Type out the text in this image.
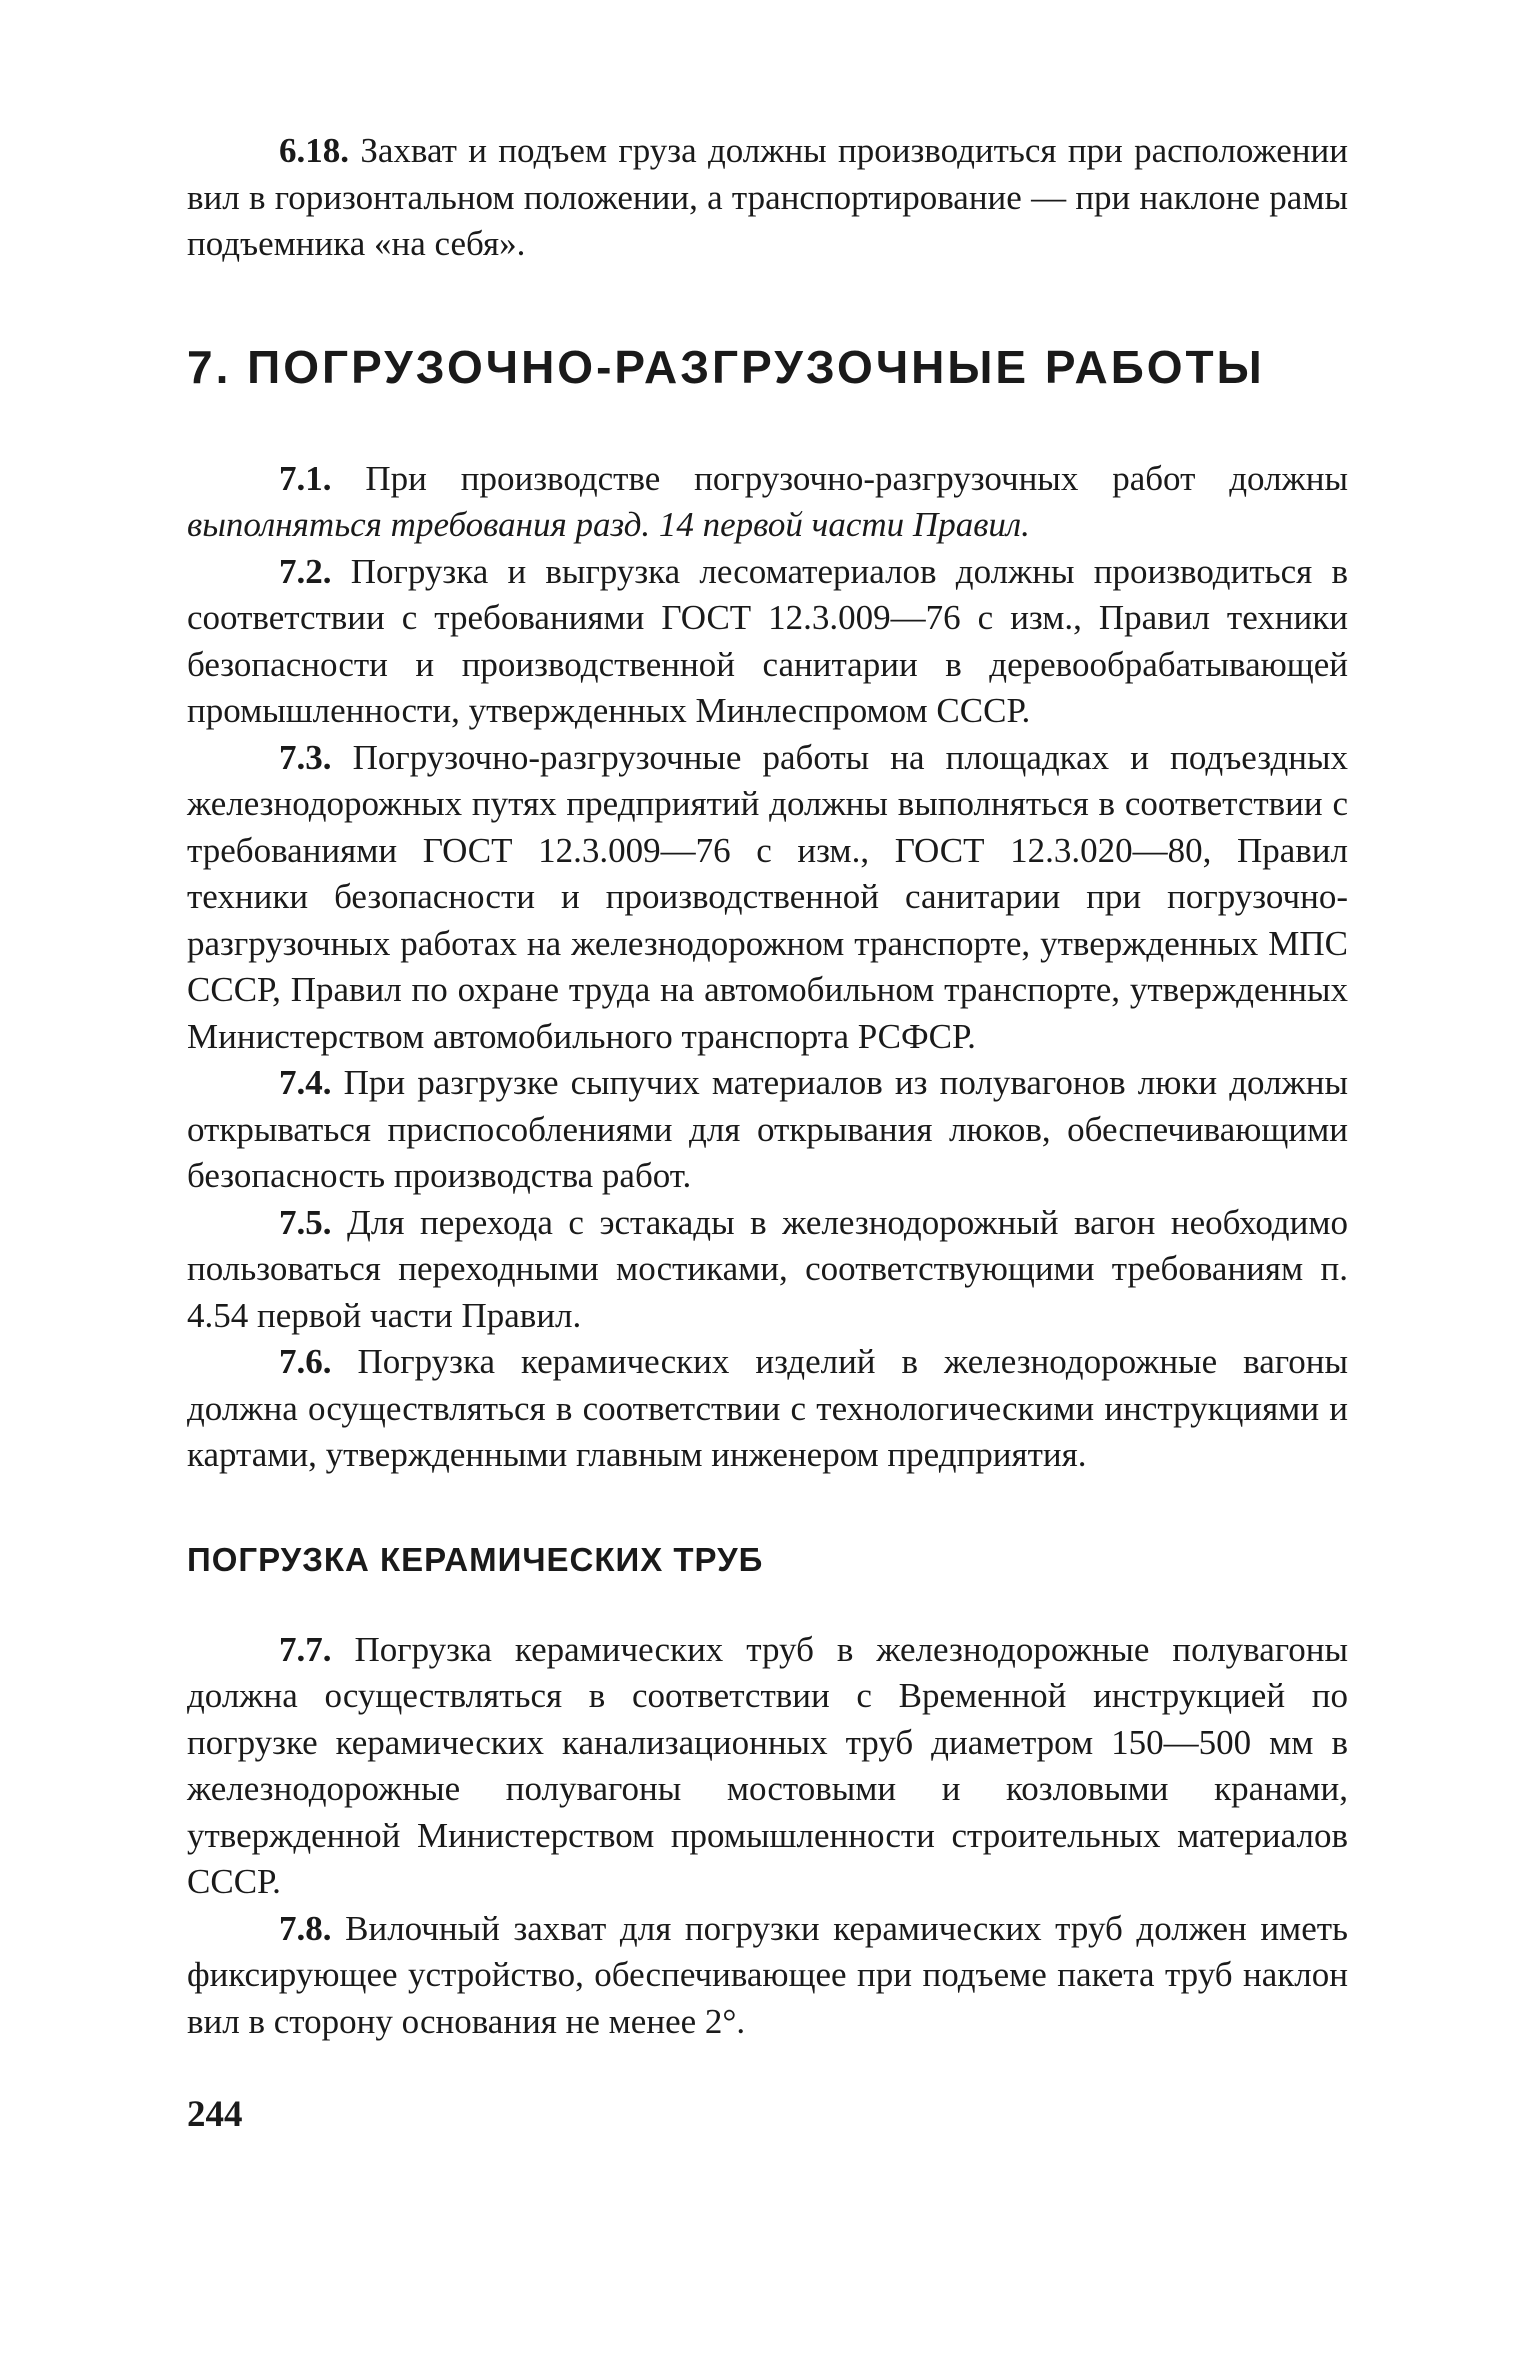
6.18. Захват и подъем груза должны производиться при расположении вил в горизонтальном положении, а транспортирование — при наклоне рамы подъемника «на себя».

7. ПОГРУЗОЧНО-РАЗГРУЗОЧНЫЕ РАБОТЫ

7.1. При производстве погрузочно-разгрузочных работ должны выполняться требования разд. 14 первой части Правил.

7.2. Погрузка и выгрузка лесоматериалов должны производиться в соответствии с требованиями ГОСТ 12.3.009—76 с изм., Правил техники безопасности и производственной санитарии в деревообрабатывающей промышленности, утвержденных Минлеспромом СССР.

7.3. Погрузочно-разгрузочные работы на площадках и подъездных железнодорожных путях предприятий должны выполняться в соответствии с требованиями ГОСТ 12.3.009—76 с изм., ГОСТ 12.3.020—80, Правил техники безопасности и производственной санитарии при погрузочно-разгрузочных работах на железнодорожном транспорте, утвержденных МПС СССР, Правил по охране труда на автомобильном транспорте, утвержденных Министерством автомобильного транспорта РСФСР.

7.4. При разгрузке сыпучих материалов из полувагонов люки должны открываться приспособлениями для открывания люков, обеспечивающими безопасность производства работ.

7.5. Для перехода с эстакады в железнодорожный вагон необходимо пользоваться переходными мостиками, соответствующими требованиям п. 4.54 первой части Правил.

7.6. Погрузка керамических изделий в железнодорожные вагоны должна осуществляться в соответствии с технологическими инструкциями и картами, утвержденными главным инженером предприятия.

ПОГРУЗКА КЕРАМИЧЕСКИХ ТРУБ

7.7. Погрузка керамических труб в железнодорожные полувагоны должна осуществляться в соответствии с Временной инструкцией по погрузке керамических канализационных труб диаметром 150—500 мм в железнодорожные полувагоны мостовыми и козловыми кранами, утвержденной Министерством промышленности строительных материалов СССР.

7.8. Вилочный захват для погрузки керамических труб должен иметь фиксирующее устройство, обеспечивающее при подъеме пакета труб наклон вил в сторону основания не менее 2°.

244
